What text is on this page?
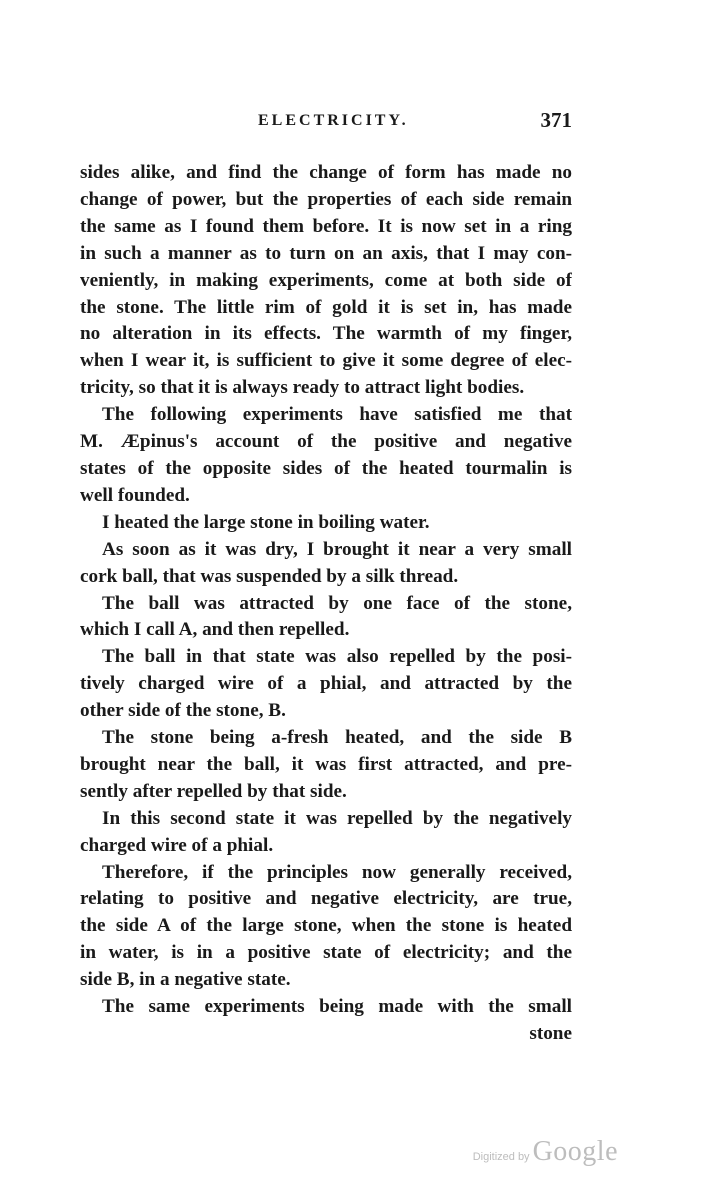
ELECTRICITY.	371
sides alike, and find the change of form has made no
change of power, but the properties of each side remain
the same as I found them before. It is now set in a ring
in such a manner as to turn on an axis, that I may con-
veniently, in making experiments, come at both side of
the stone. The little rim of gold it is set in, has made
no alteration in its effects. The warmth of my finger,
when I wear it, is sufficient to give it some degree of elec-
tricity, so that it is always ready to attract light bodies.
The following experiments have satisfied me that
M. Æpinus's account of the positive and negative
states of the opposite sides of the heated tourmalin is
well founded.
I heated the large stone in boiling water.
As soon as it was dry, I brought it near a very small
cork ball, that was suspended by a silk thread.
The ball was attracted by one face of the stone,
which I call A, and then repelled.
The ball in that state was also repelled by the posi-
tively charged wire of a phial, and attracted by the
other side of the stone, B.
The stone being a-fresh heated, and the side B
brought near the ball, it was first attracted, and pre-
sently after repelled by that side.
In this second state it was repelled by the negatively
charged wire of a phial.
Therefore, if the principles now generally received,
relating to positive and negative electricity, are true,
the side A of the large stone, when the stone is heated
in water, is in a positive state of electricity; and the
side B, in a negative state.
The same experiments being made with the small
stone
Digitized by Google
